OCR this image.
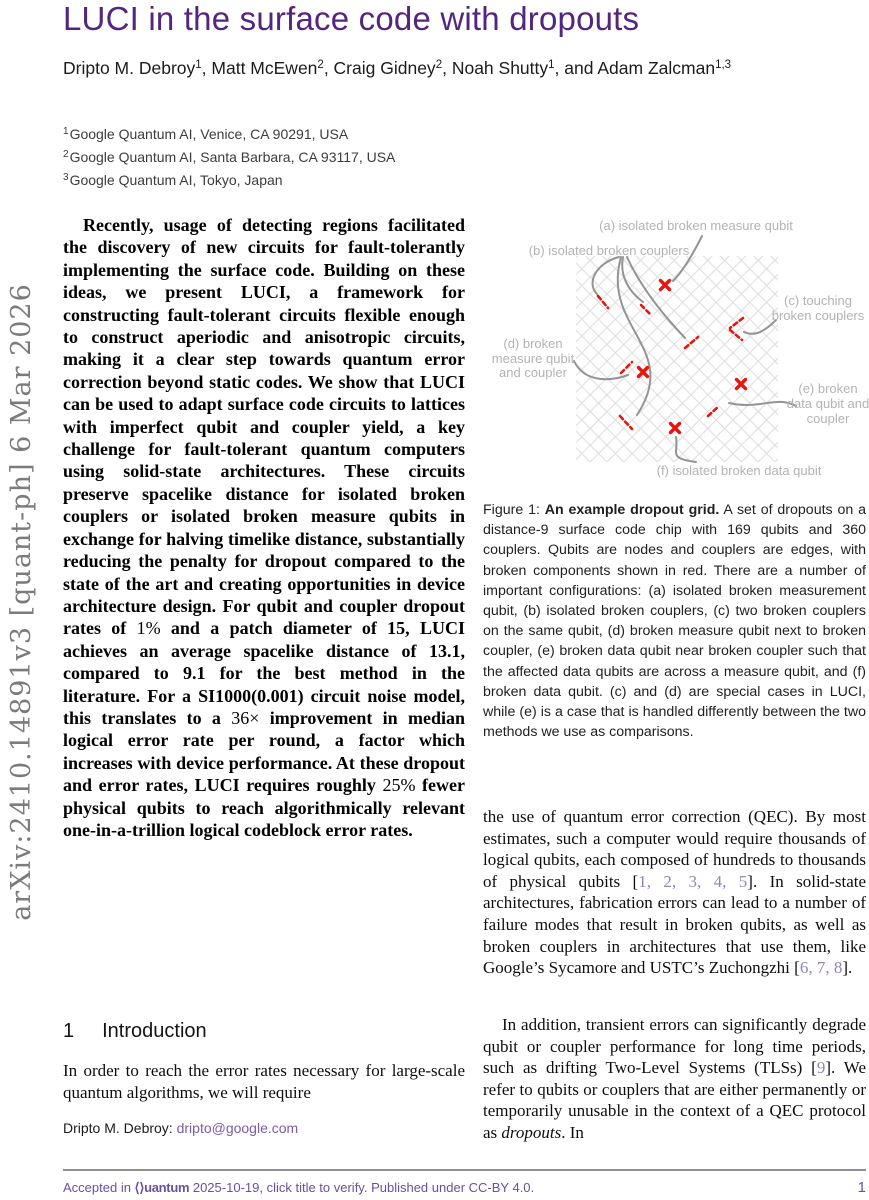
arXiv:2410.14891v3 [quant-ph] 6 Mar 2026
LUCI in the surface code with dropouts
Dripto M. Debroy$^1$, Matt McEwen$^2$, Craig Gidney$^2$, Noah Shutty$^1$, and Adam Zalcman$^{1,3}$
$^1$Google Quantum AI, Venice, CA 90291, USA
$^2$Google Quantum AI, Santa Barbara, CA 93117, USA
$^3$Google Quantum AI, Tokyo, Japan

Recently, usage of detecting regions facilitated the discovery of new circuits for fault-tolerantly implementing the surface code. Building on these ideas, we present LUCI, a framework for constructing fault-tolerant circuits flexible enough to construct aperiodic and anisotropic circuits, making it a clear step towards quantum error correction beyond static codes. We show that LUCI can be used to adapt surface code circuits to lattices with imperfect qubit and coupler yield, a key challenge for fault-tolerant quantum computers using solid-state architectures. These circuits preserve spacelike distance for isolated broken couplers or isolated broken measure qubits in exchange for halving timelike distance, substantially reducing the penalty for dropout compared to the state of the art and creating opportunities in device architecture design. For qubit and coupler dropout rates of 1% and a patch diameter of 15, LUCI achieves an average spacelike distance of 13.1, compared to 9.1 for the best method in the literature. For a SI1000(0.001) circuit noise model, this translates to a 36× improvement in median logical error rate per round, a factor which increases with device performance. At these dropout and error rates, LUCI requires roughly 25% fewer physical qubits to reach algorithmically relevant one-in-a-trillion logical codeblock error rates.

1 Introduction

In order to reach the error rates necessary for large-scale quantum algorithms, we will require

Dripto M. Debroy: dripto@google.com
(a) isolated broken measure qubit
(b) isolated broken couplers
(c) touching
broken couplers
(d) broken
measure qubit
and coupler
(e) broken
data qubit and
coupler
(f) isolated broken data qubit

Figure 1: An example dropout grid. A set of dropouts on a distance-9 surface code chip with 169 qubits and 360 couplers. Qubits are nodes and couplers are edges, with broken components shown in red. There are a number of important configurations: (a) isolated broken measurement qubit, (b) isolated broken couplers, (c) two broken couplers on the same qubit, (d) broken measure qubit next to broken coupler, (e) broken data qubit near broken coupler such that the affected data qubits are across a measure qubit, and (f) broken data qubit. (c) and (d) are special cases in LUCI, while (e) is a case that is handled differently between the two methods we use as comparisons.

the use of quantum error correction (QEC). By most estimates, such a computer would require thousands of logical qubits, each composed of hundreds to thousands of physical qubits [1, 2, 3, 4, 5]. In solid-state architectures, fabrication errors can lead to a number of failure modes that result in broken qubits, as well as broken couplers in architectures that use them, like Google’s Sycamore and USTC’s Zuchongzhi [6, 7, 8].

In addition, transient errors can significantly degrade qubit or coupler performance for long time periods, such as drifting Two-Level Systems (TLSs) [9]. We refer to qubits or couplers that are either permanently or temporarily unusable in the context of a QEC protocol as dropouts. In

Accepted in ⟨⟩uantum 2025-10-19, click title to verify. Published under CC-BY 4.0.	1
